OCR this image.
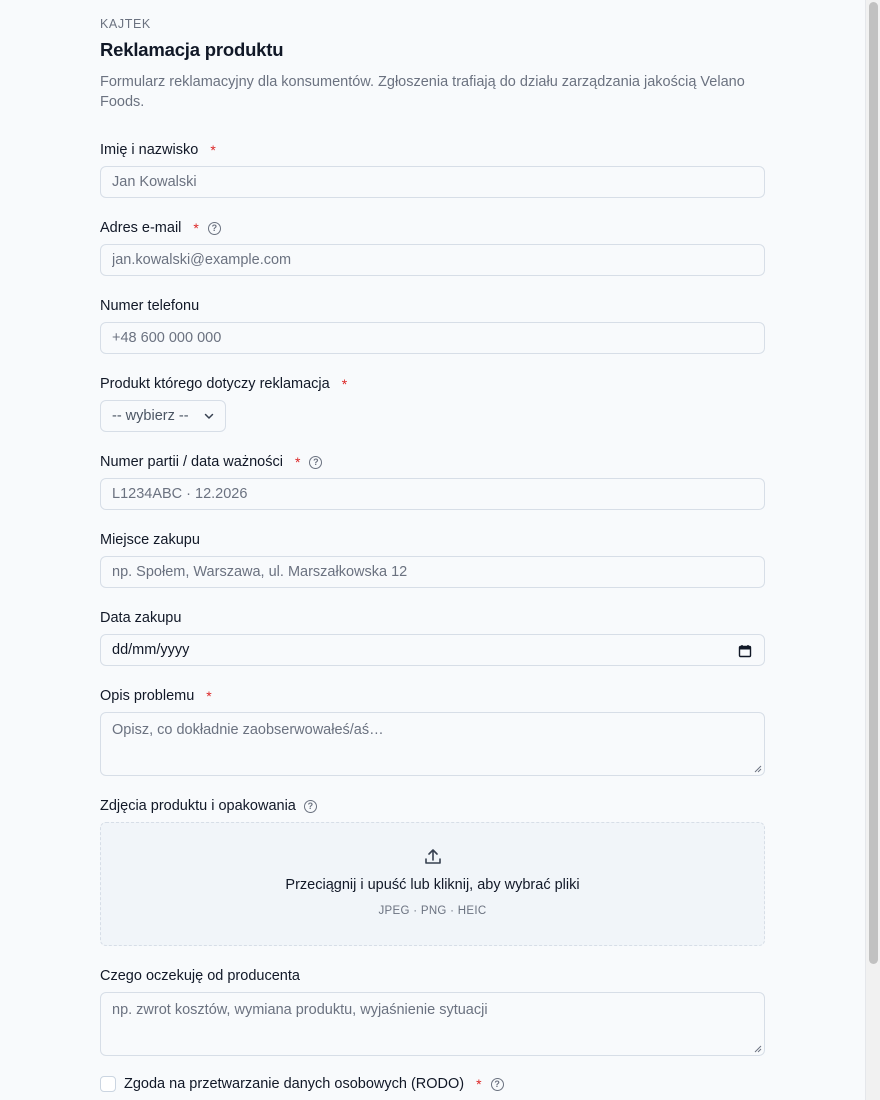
KAJTEK
Reklamacja produktu
Formularz reklamacyjny dla konsumentów. Zgłoszenia trafiają do działu zarządzania jakością Velano Foods.
Imię i nazwisko *
Jan Kowalski
Adres e-mail *	?
jan.kowalski@example.com
Numer telefonu
+48 600 000 000
Produkt którego dotyczy reklamacja *
-- wybierz --
Numer partii / data ważności *	?
L1234ABC · 12.2026
Miejsce zakupu
np. Społem, Warszawa, ul. Marszałkowska 12
Data zakupu
dd/mm/yyyy
Opis problemu *
Opisz, co dokładnie zaobserwowałeś/aś…
Zdjęcia produktu i opakowania	?
Przeciągnij i upuść lub kliknij, aby wybrać pliki
JPEG · PNG · HEIC
Czego oczekuję od producenta
np. zwrot kosztów, wymiana produktu, wyjaśnienie sytuacji
Zgoda na przetwarzanie danych osobowych (RODO) *	?
